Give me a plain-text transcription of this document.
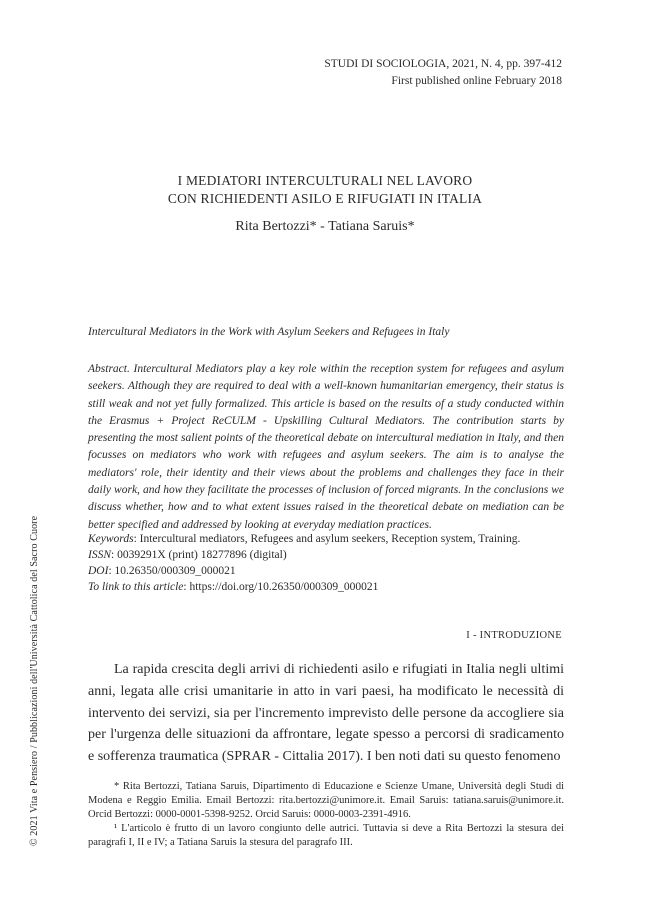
STUDI DI SOCIOLOGIA, 2021, N. 4, pp. 397-412
First published online February 2018
I MEDIATORI INTERCULTURALI NEL LAVORO
CON RICHIEDENTI ASILO E RIFUGIATI IN ITALIA
Rita Bertozzi* - Tatiana Saruis*
Intercultural Mediators in the Work with Asylum Seekers and Refugees in Italy
Abstract. Intercultural Mediators play a key role within the reception system for refugees and asylum seekers. Although they are required to deal with a well-known humanitarian emergency, their status is still weak and not yet fully formalized. This article is based on the results of a study conducted within the Erasmus + Project ReCULM - Upskilling Cultural Mediators. The contribution starts by presenting the most salient points of the theoretical debate on intercultural mediation in Italy, and then focusses on mediators who work with refugees and asylum seekers. The aim is to analyse the mediators' role, their identity and their views about the problems and challenges they face in their daily work, and how they facilitate the processes of inclusion of forced migrants. In the conclusions we discuss whether, how and to what extent issues raised in the theoretical debate on mediation can be better specified and addressed by looking at everyday mediation practices.
Keywords: Intercultural mediators, Refugees and asylum seekers, Reception system, Training.
ISSN: 0039291X (print) 18277896 (digital)
DOI: 10.26350/000309_000021
To link to this article: https://doi.org/10.26350/000309_000021
I - INTRODUZIONE

La rapida crescita degli arrivi di richiedenti asilo e rifugiati in Italia negli ultimi anni, legata alle crisi umanitarie in atto in vari paesi, ha modificato le necessità di intervento dei servizi, sia per l'incremento imprevisto delle persone da accogliere sia per l'urgenza delle situazioni da affrontare, legate spesso a percorsi di sradicamento e sofferenza traumatica (SPRAR - Cittalia 2017). I ben noti dati su questo fenomeno

* Rita Bertozzi, Tatiana Saruis, Dipartimento di Educazione e Scienze Umane, Università degli Studi di Modena e Reggio Emilia. Email Bertozzi: rita.bertozzi@unimore.it. Email Saruis: tatiana.saruis@unimore.it. Orcid Bertozzi: 0000-0001-5398-9252. Orcid Saruis: 0000-0003-2391-4916.

¹ L'articolo è frutto di un lavoro congiunto delle autrici. Tuttavia si deve a Rita Bertozzi la stesura dei paragrafi I, II e IV; a Tatiana Saruis la stesura del paragrafo III.

© 2021 Vita e Pensiero / Pubblicazioni dell'Università Cattolica del Sacro Cuore
